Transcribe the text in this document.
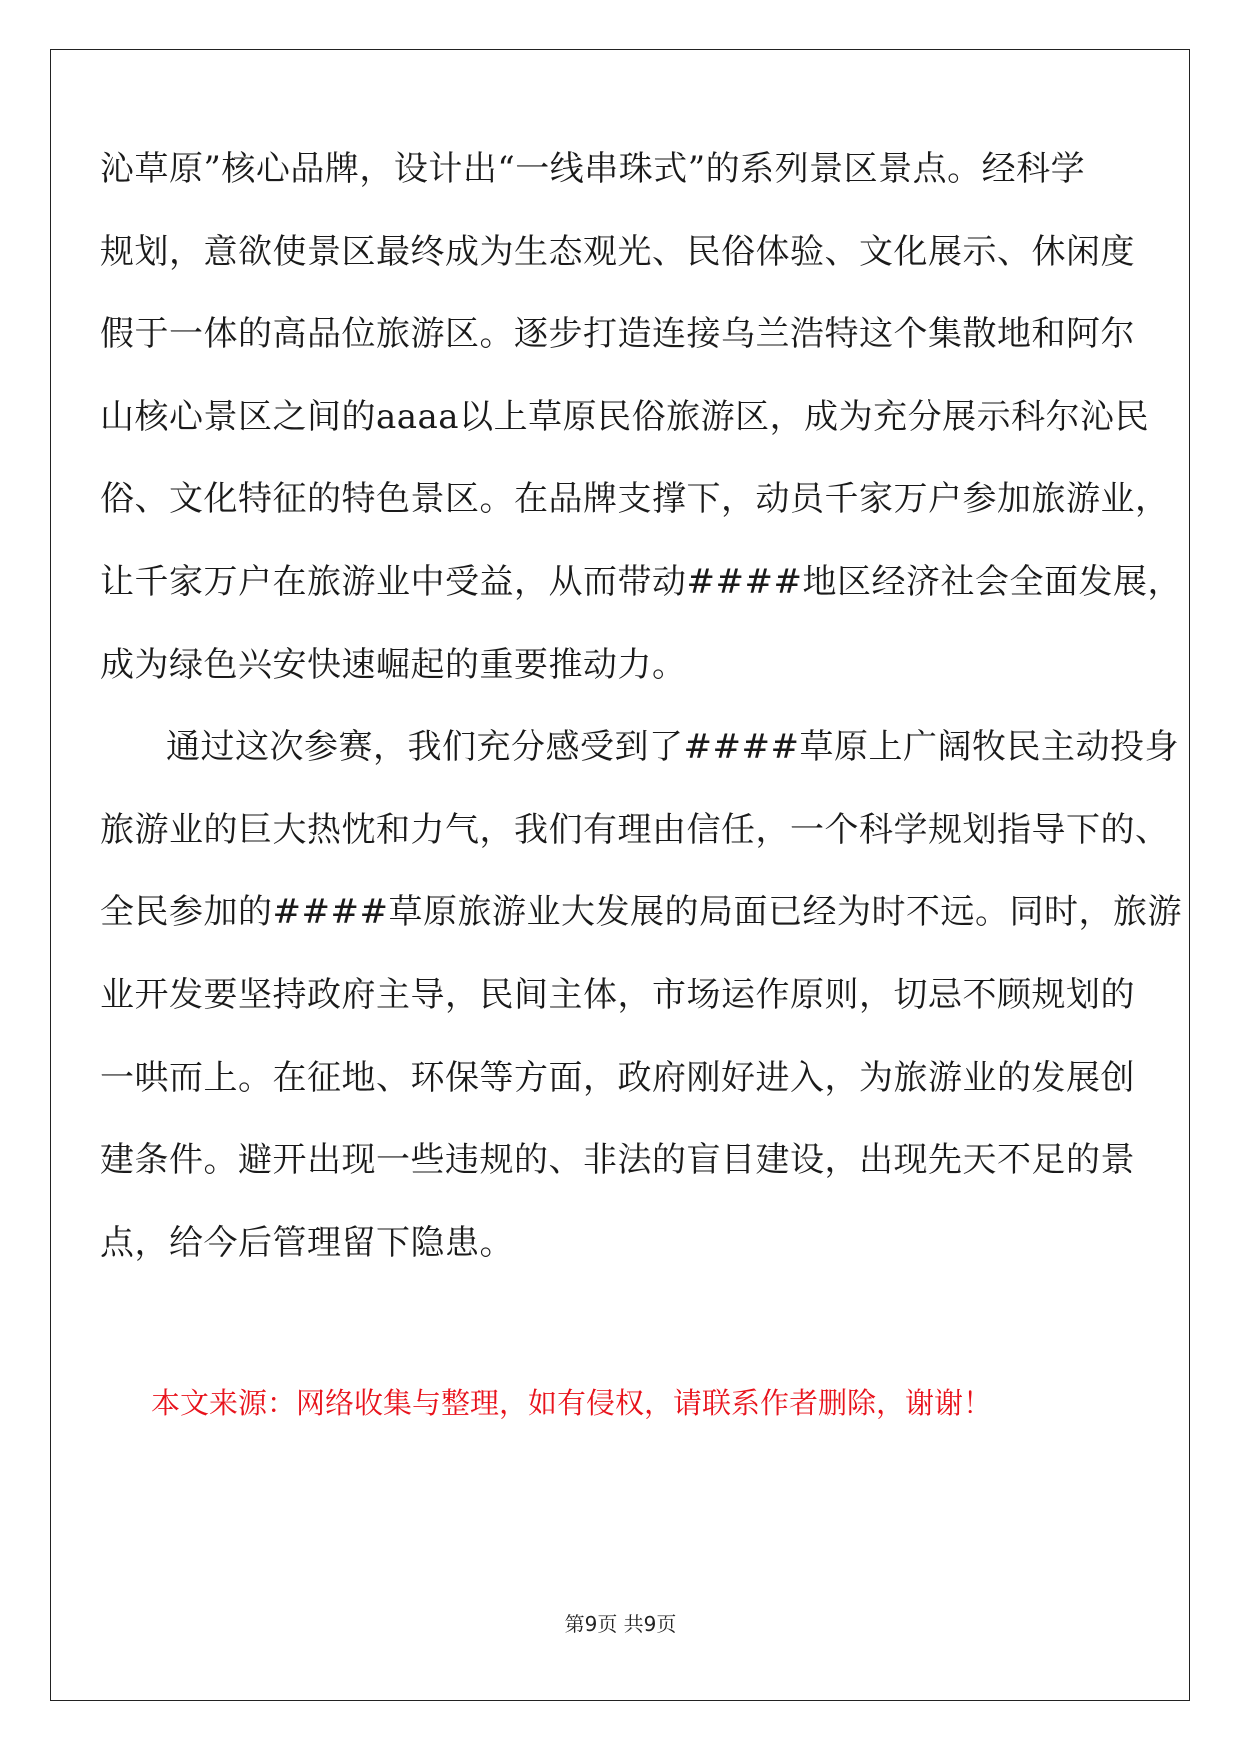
沁草原”核心品牌，设计出“一线串珠式”的系列景区景点。经科学
规划，意欲使景区最终成为生态观光、民俗体验、文化展示、休闲度
假于一体的高品位旅游区。逐步打造连接乌兰浩特这个集散地和阿尔
山核心景区之间的aaaa以上草原民俗旅游区，成为充分展示科尔沁民
俗、文化特征的特色景区。在品牌支撑下，动员千家万户参加旅游业，
让千家万户在旅游业中受益，从而带动####地区经济社会全面发展，
成为绿色兴安快速崛起的重要推动力。
通过这次参赛，我们充分感受到了####草原上广阔牧民主动投身
旅游业的巨大热忱和力气，我们有理由信任，一个科学规划指导下的、
全民参加的####草原旅游业大发展的局面已经为时不远。同时，旅游
业开发要坚持政府主导，民间主体，市场运作原则，切忌不顾规划的
一哄而上。在征地、环保等方面，政府刚好进入，为旅游业的发展创
建条件。避开出现一些违规的、非法的盲目建设，出现先天不足的景
点，给今后管理留下隐患。
本文来源：网络收集与整理，如有侵权，请联系作者删除，谢谢！
第9页 共9页
